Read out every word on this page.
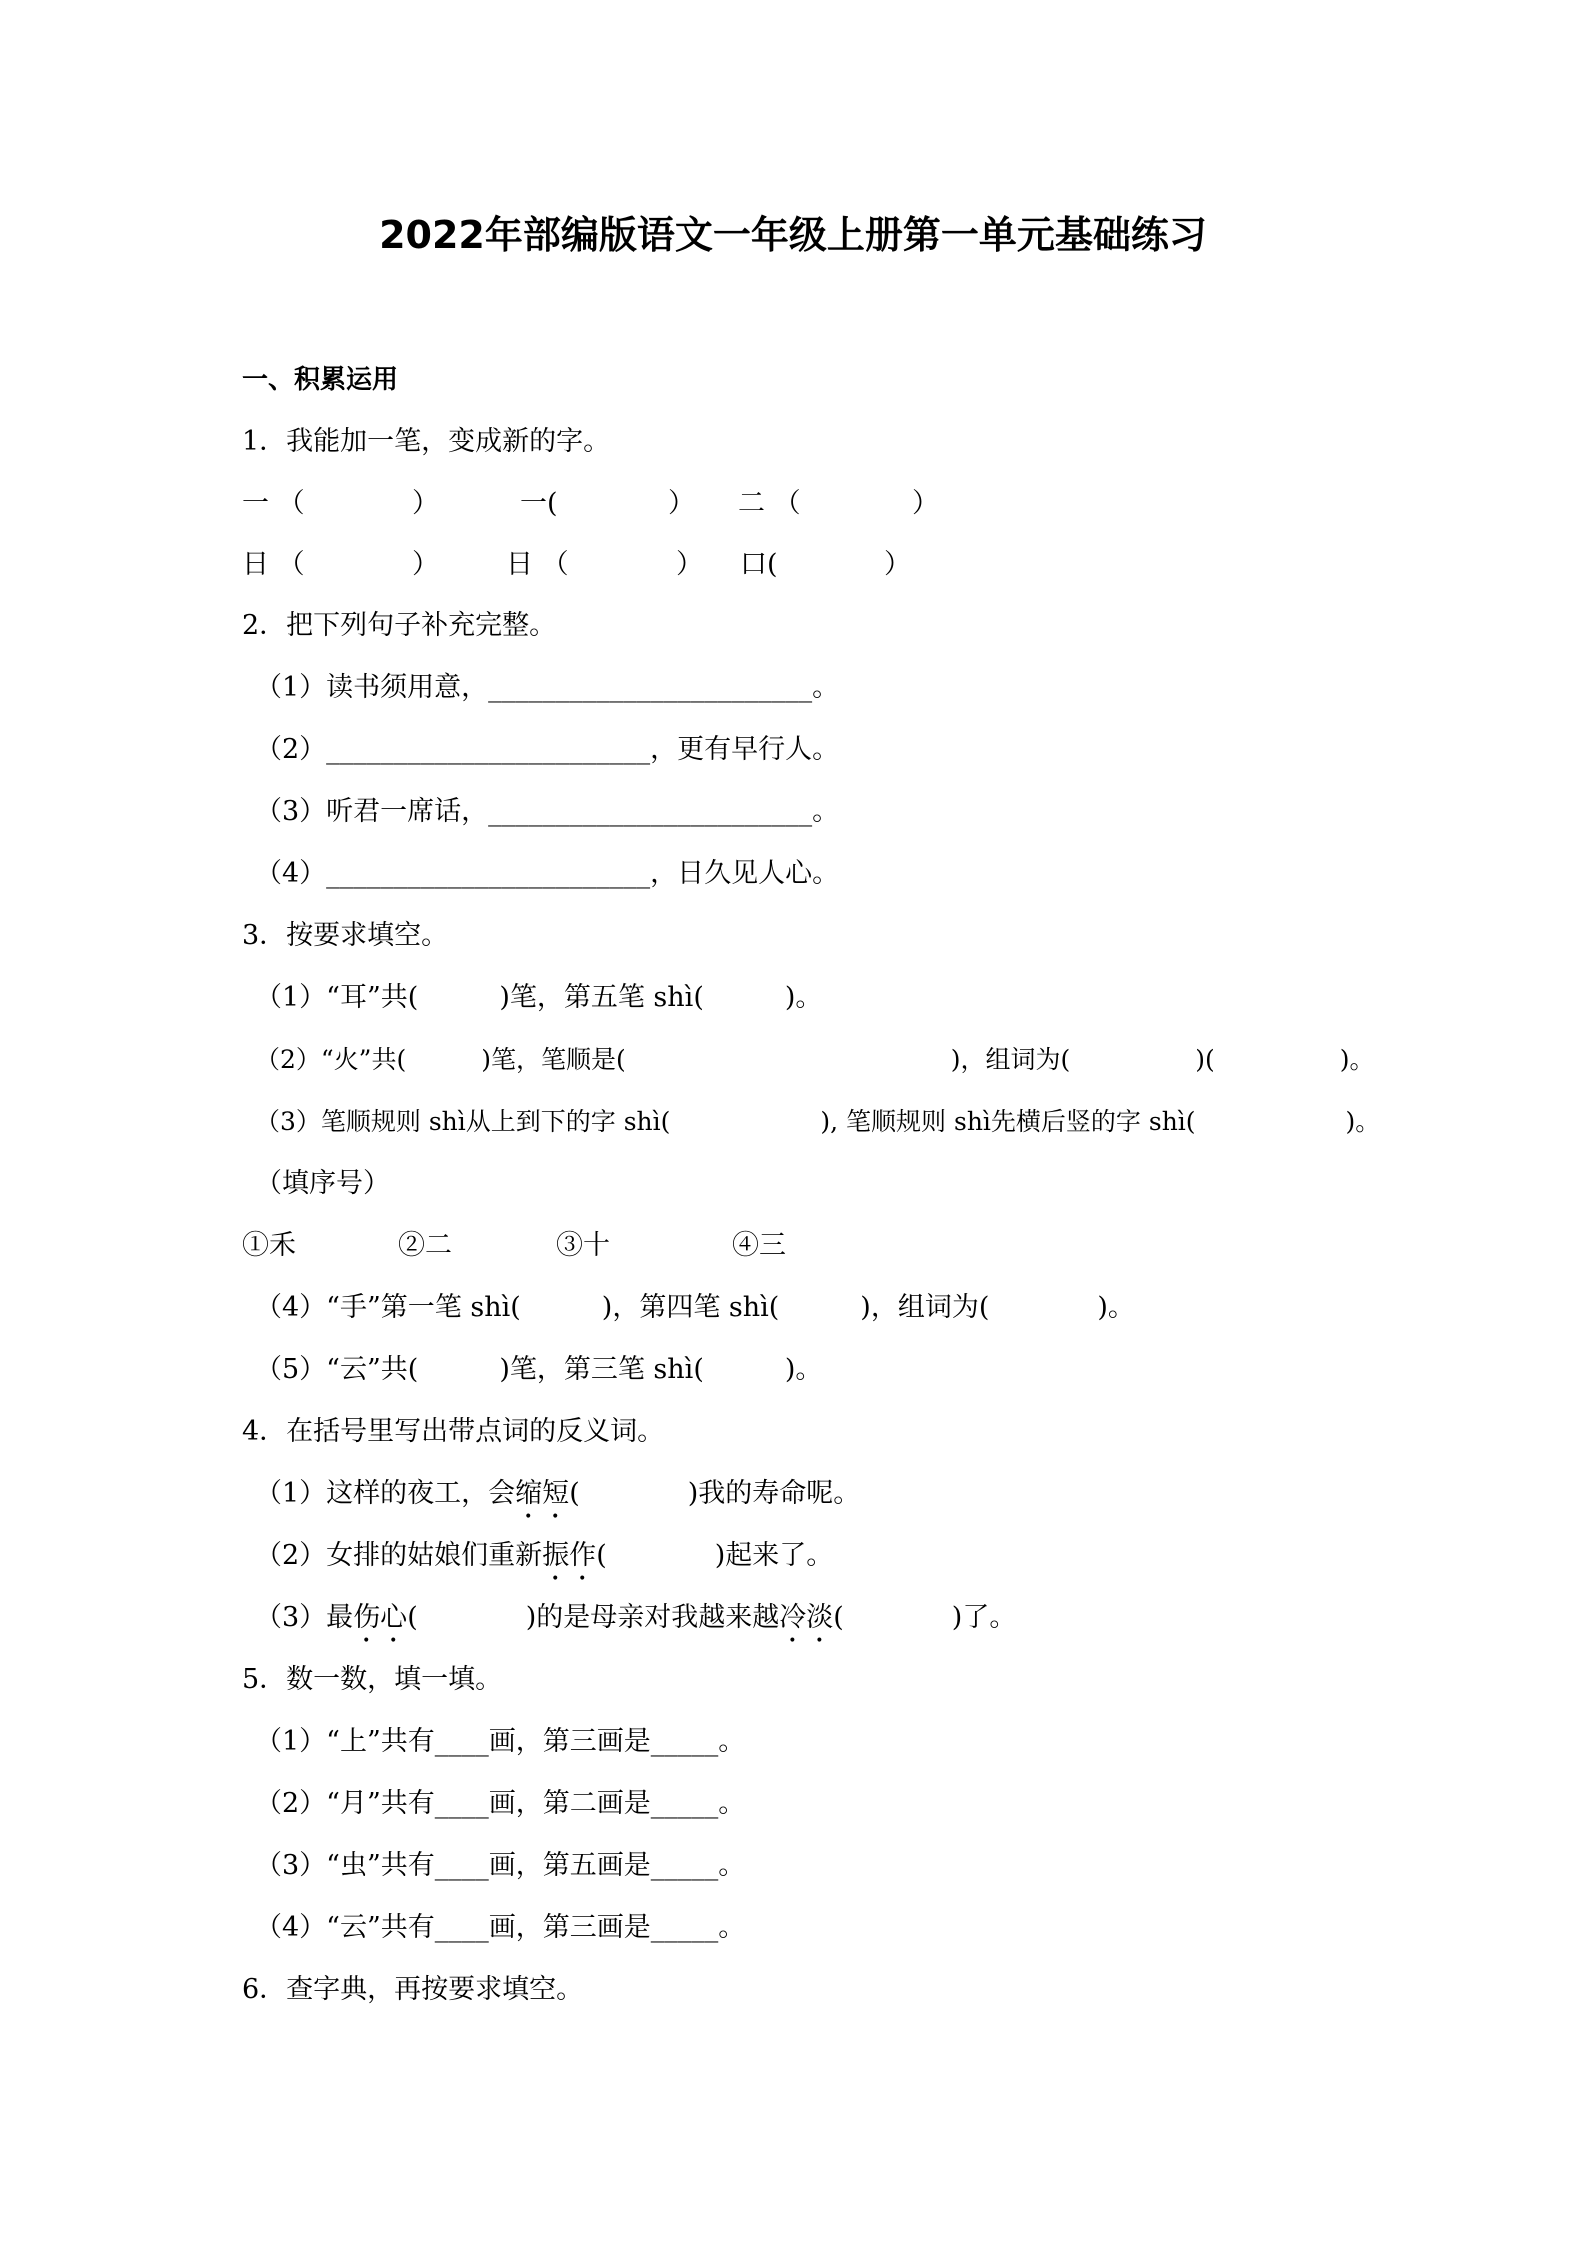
2022年部编版语文一年级上册第一单元基础练习
一、积累运用
1．我能加一笔，变成新的字。
一 （	）	一(	） 二 （	）
日 （	） 日 （	） 口(	）
2．把下列句子补充完整。
（1）读书须用意，________________________。
（2）________________________，更有早行人。
（3）听君一席话，________________________。
（4）________________________，日久见人心。
3．按要求填空。
（1）“耳”共(　　　)笔，第五笔 shì(　　　)。
（2）“火”共(　　　)笔，笔顺是(　　　　　　　　　　　　　)，组词为(　　　　　)(　　　　　)。
（3）笔顺规则 shì从上到下的字 shì(　　　　　　), 笔顺规则 shì先横后竖的字 shì(　　　　　　)。
（填序号）
①禾	②二	③十	④三
（4）“手”第一笔 shì(　　　)，第四笔 shì(　　　)，组词为(　　　　)。
（5）“云”共(　　　)笔，第三笔 shì(　　　)。
4．在括号里写出带点词的反义词。
（1）这样的夜工，会缩短(　　　　)我的寿命呢。
（2）女排的姑娘们重新振作(　　　　)起来了。
（3）最伤心(　　　　)的是母亲对我越来越冷淡(　　　　)了。
5．数一数，填一填。
（1）“上”共有____画，第三画是_____。
（2）“月”共有____画，第二画是_____。
（3）“虫”共有____画，第五画是_____。
（4）“云”共有____画，第三画是_____。
6．查字典，再按要求填空。
